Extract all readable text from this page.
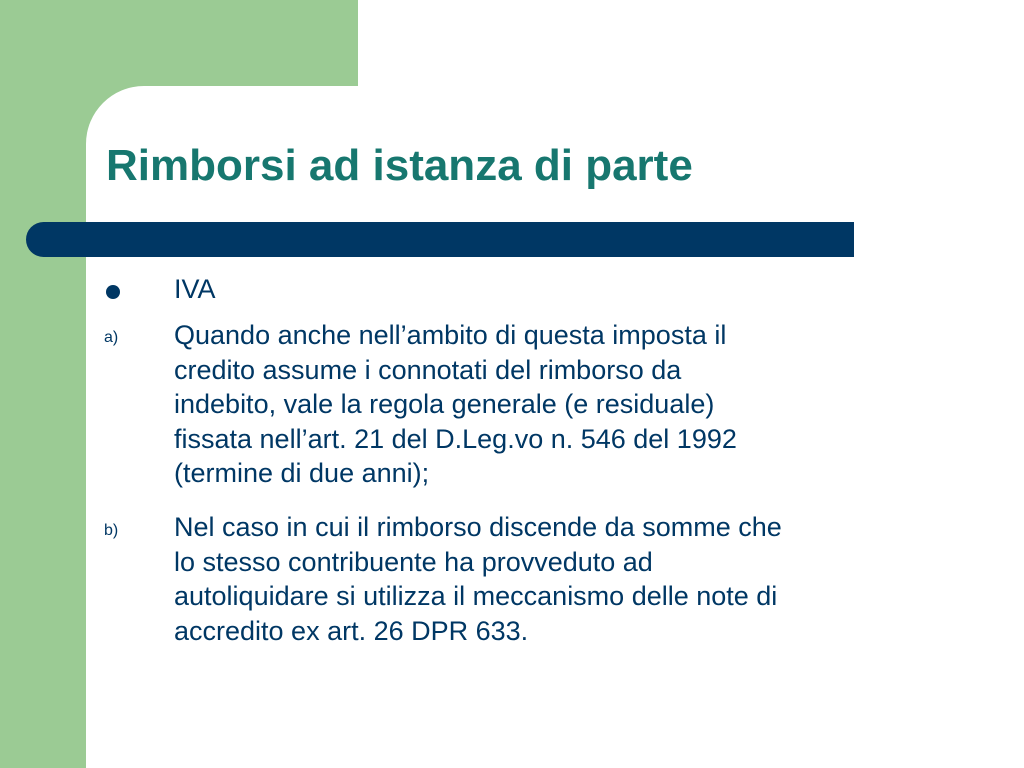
Rimborsi ad istanza di parte

IVA

a) Quando anche nell’ambito di questa imposta il
credito assume i connotati del rimborso da
indebito, vale la regola generale (e residuale)
fissata nell’art. 21 del D.Leg.vo n. 546 del 1992
(termine di due anni);

b) Nel caso in cui il rimborso discende da somme che
lo stesso contribuente ha provveduto ad
autoliquidare si utilizza il meccanismo delle note di
accredito ex art. 26 DPR 633.
